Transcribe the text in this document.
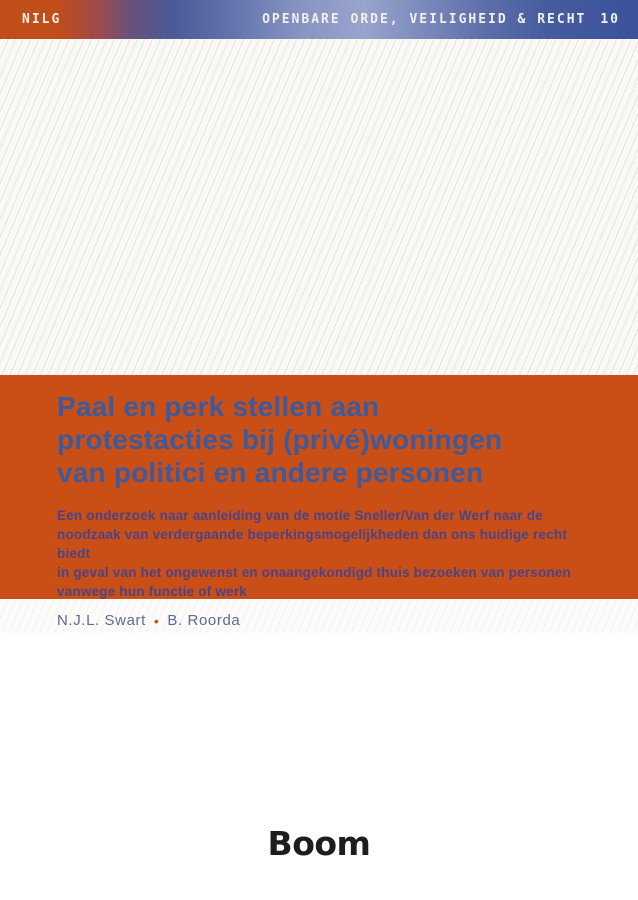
NILG	OPENBARE ORDE, VEILIGHEID & RECHT 10
Paal en perk stellen aan
protestacties bij (privé)woningen
van politici en andere personen
Een onderzoek naar aanleiding van de motie Sneller/Van der Werf naar de
noodzaak van verdergaande beperkingsmogelijkheden dan ons huidige recht biedt
in geval van het ongewenst en onaangekondigd thuis bezoeken van personen
vanwege hun functie of werk
N.J.L. Swart • B. Roorda
Boom
